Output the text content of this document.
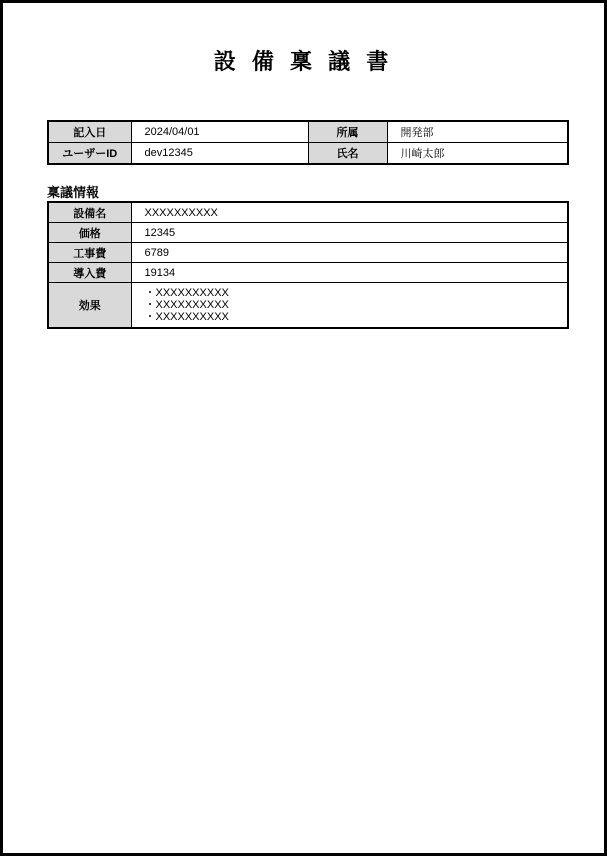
設 備 稟 議 書
記入日	2024/04/01	所属	開発部
ユーザーID	dev12345	氏名	川崎太郎
稟議情報
設備名	XXXXXXXXXX
価格	12345
工事費	6789
導入費	19134
効果	・XXXXXXXXXX
・XXXXXXXXXX
・XXXXXXXXXX
